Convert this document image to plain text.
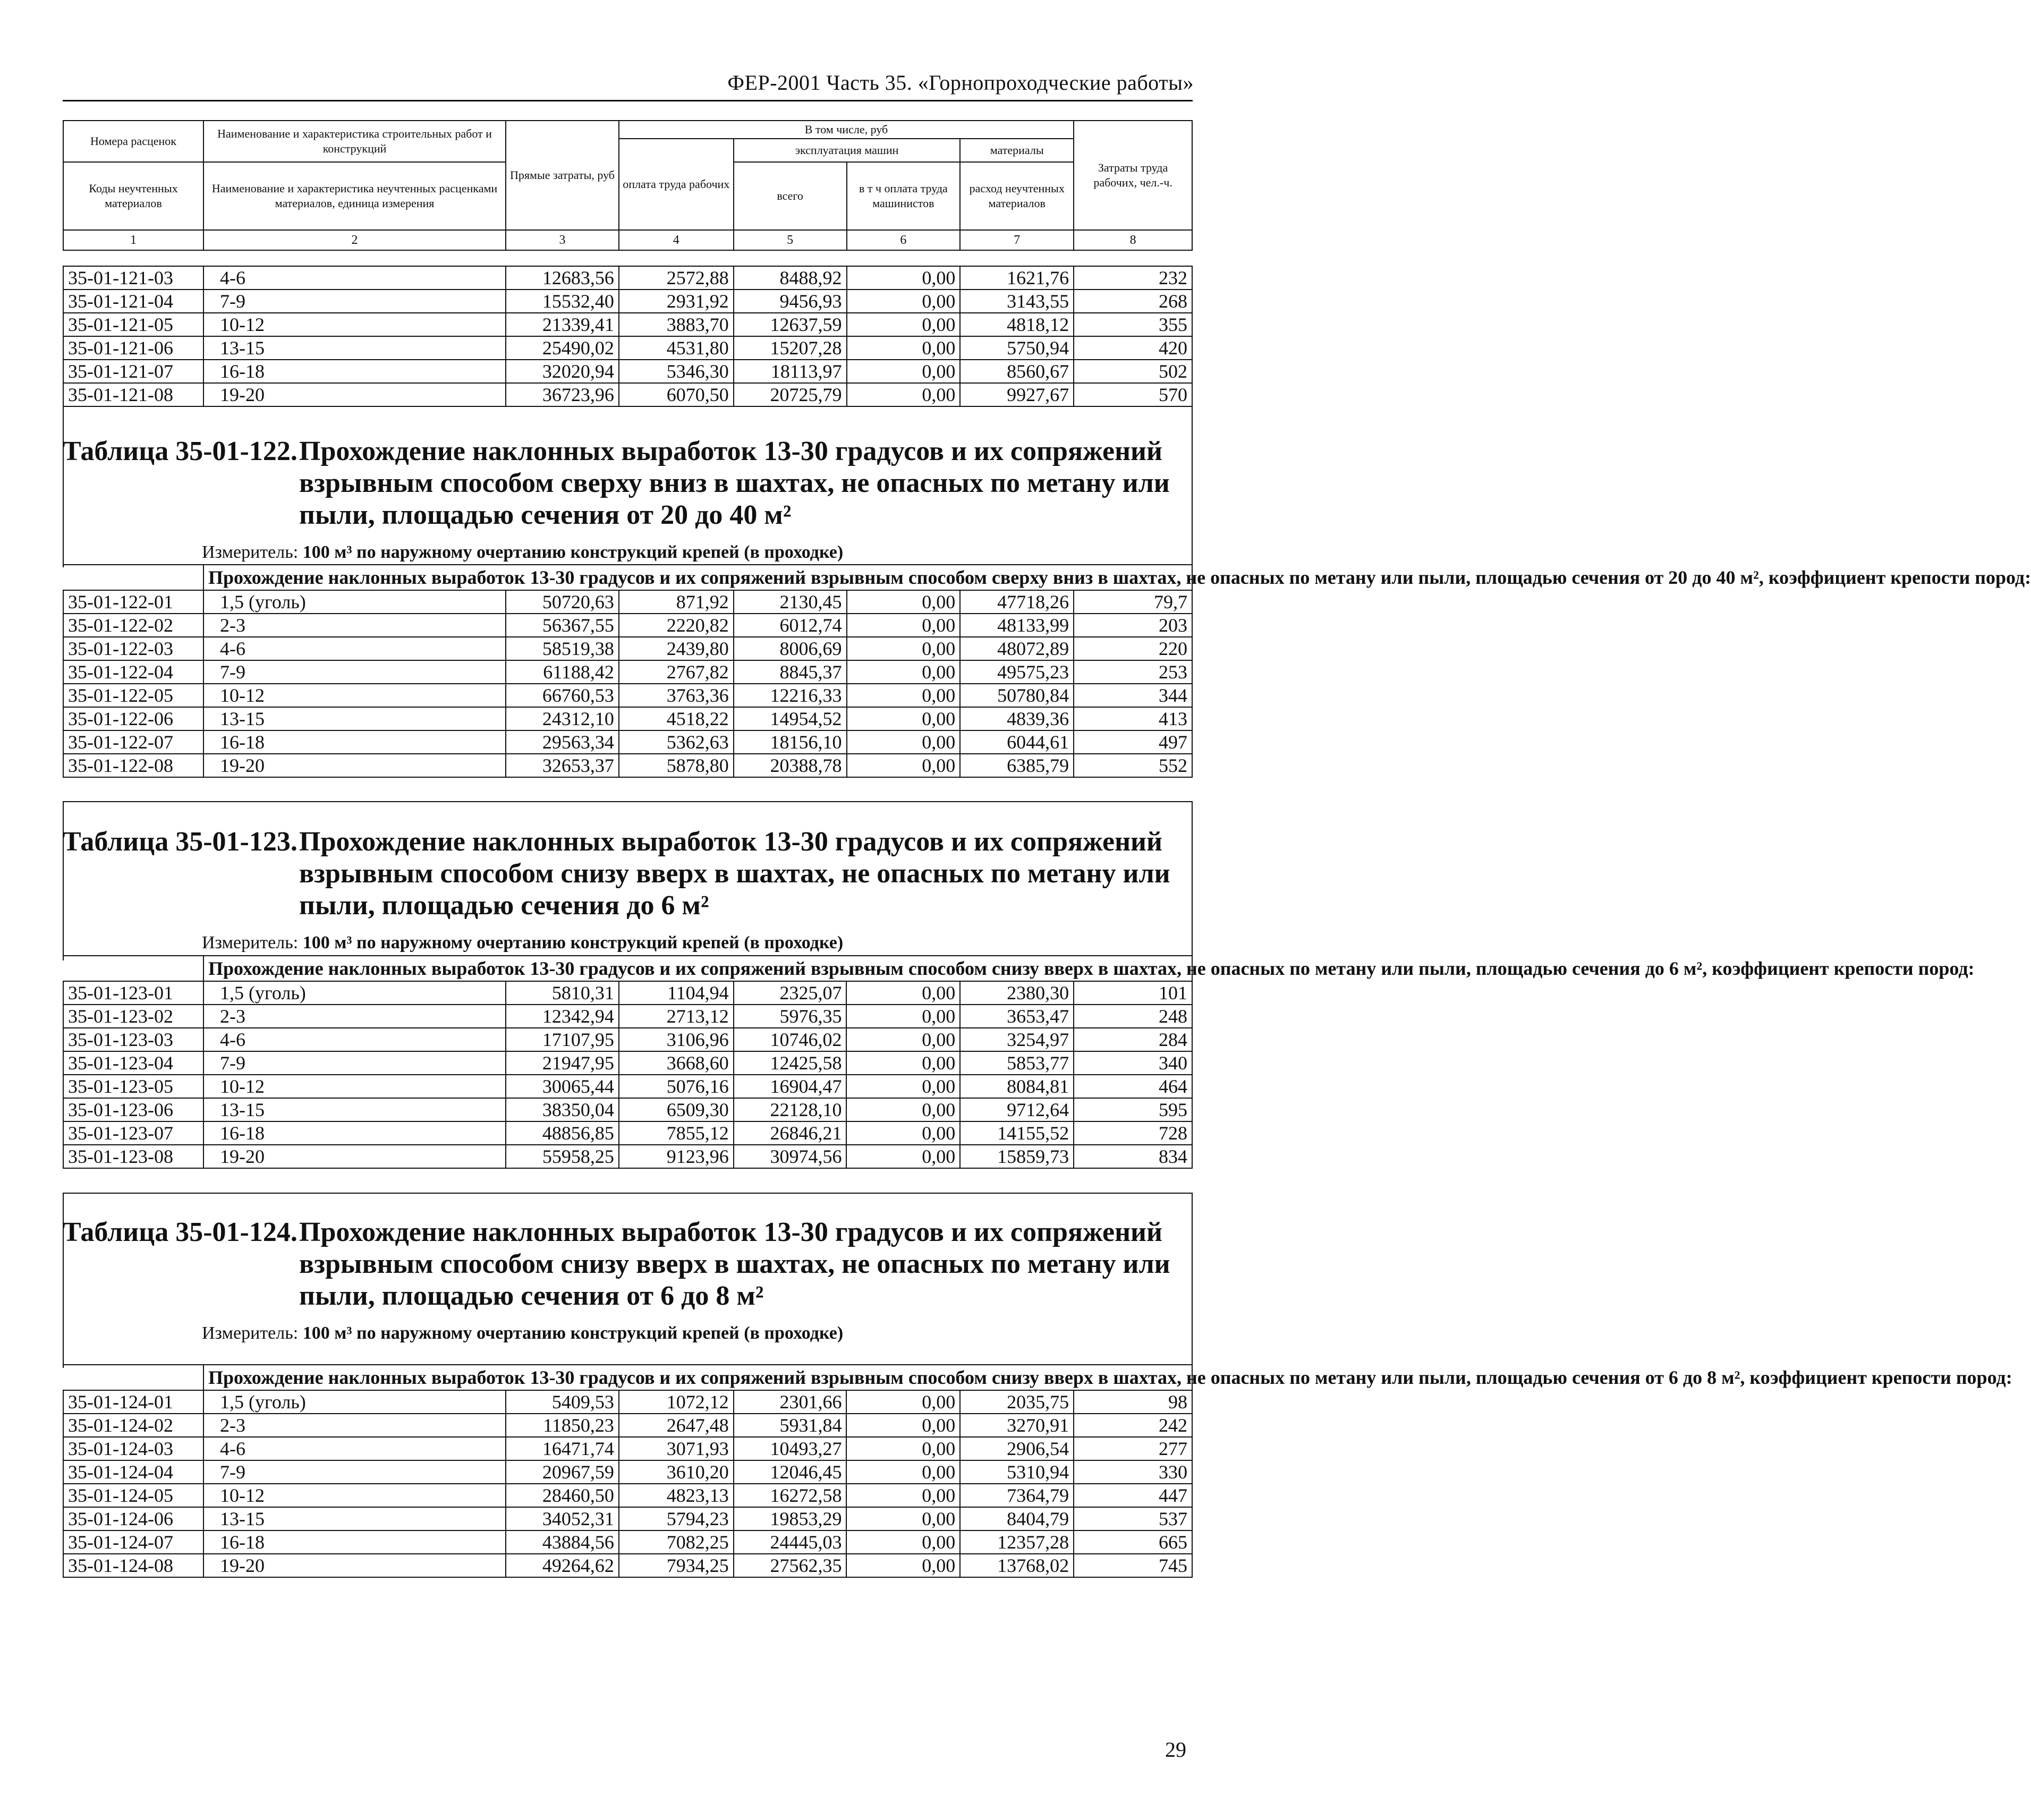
ФЕР-2001 Часть 35. «Горнопроходческие работы»
Номера расценок	Наименование и характеристика строительных работ и конструкций	Прямые затраты, руб	В том числе, руб				Затраты труда рабочих, чел.-ч.
			оплата труда рабочих	эксплуатация машин		материалы	
Коды неучтенных материалов	Наименование и характеристика неучтенных расценками материалов, единица измерения			всего	в т ч оплата труда машинистов	расход неучтенных материалов	

1	2	3	4	5	6	7	8
35-01-121-03	4-6	12683,56	2572,88	8488,92	0,00	1621,76	232
35-01-121-04	7-9	15532,40	2931,92	9456,93	0,00	3143,55	268
35-01-121-05	10-12	21339,41	3883,70	12637,59	0,00	4818,12	355
35-01-121-06	13-15	25490,02	4531,80	15207,28	0,00	5750,94	420
35-01-121-07	16-18	32020,94	5346,30	18113,97	0,00	8560,67	502
35-01-121-08	19-20	36723,96	6070,50	20725,79	0,00	9927,67	570
Таблица 35-01-122. Прохождение наклонных выработок 13-30 градусов и их сопряжений взрывным способом сверху вниз в шахтах, не опасных по метану или пыли, площадью сечения от 20 до 40 м²
Измеритель: 100 м³ по наружному очертанию конструкций крепей (в проходке)
	Прохождение наклонных выработок 13-30 градусов и их сопряжений взрывным способом сверху вниз в шахтах, не опасных по метану или пыли, площадью сечения от 20 до 40 м², коэффициент крепости пород:						
35-01-122-01	1,5 (уголь)	50720,63	871,92	2130,45	0,00	47718,26	79,7
35-01-122-02	2-3	56367,55	2220,82	6012,74	0,00	48133,99	203
35-01-122-03	4-6	58519,38	2439,80	8006,69	0,00	48072,89	220
35-01-122-04	7-9	61188,42	2767,82	8845,37	0,00	49575,23	253
35-01-122-05	10-12	66760,53	3763,36	12216,33	0,00	50780,84	344
35-01-122-06	13-15	24312,10	4518,22	14954,52	0,00	4839,36	413
35-01-122-07	16-18	29563,34	5362,63	18156,10	0,00	6044,61	497
35-01-122-08	19-20	32653,37	5878,80	20388,78	0,00	6385,79	552
Таблица 35-01-123. Прохождение наклонных выработок 13-30 градусов и их сопряжений взрывным способом снизу вверх в шахтах, не опасных по метану или пыли, площадью сечения до 6 м²
Измеритель: 100 м³ по наружному очертанию конструкций крепей (в проходке)
	Прохождение наклонных выработок 13-30 градусов и их сопряжений взрывным способом снизу вверх в шахтах, не опасных по метану или пыли, площадью сечения до 6 м², коэффициент крепости пород:						
35-01-123-01	1,5 (уголь)	5810,31	1104,94	2325,07	0,00	2380,30	101
35-01-123-02	2-3	12342,94	2713,12	5976,35	0,00	3653,47	248
35-01-123-03	4-6	17107,95	3106,96	10746,02	0,00	3254,97	284
35-01-123-04	7-9	21947,95	3668,60	12425,58	0,00	5853,77	340
35-01-123-05	10-12	30065,44	5076,16	16904,47	0,00	8084,81	464
35-01-123-06	13-15	38350,04	6509,30	22128,10	0,00	9712,64	595
35-01-123-07	16-18	48856,85	7855,12	26846,21	0,00	14155,52	728
35-01-123-08	19-20	55958,25	9123,96	30974,56	0,00	15859,73	834
Таблица 35-01-124. Прохождение наклонных выработок 13-30 градусов и их сопряжений взрывным способом снизу вверх в шахтах, не опасных по метану или пыли, площадью сечения от 6 до 8 м²
Измеритель: 100 м³ по наружному очертанию конструкций крепей (в проходке)
	Прохождение наклонных выработок 13-30 градусов и их сопряжений взрывным способом снизу вверх в шахтах, не опасных по метану или пыли, площадью сечения от 6 до 8 м², коэффициент крепости пород:						
35-01-124-01	1,5 (уголь)	5409,53	1072,12	2301,66	0,00	2035,75	98
35-01-124-02	2-3	11850,23	2647,48	5931,84	0,00	3270,91	242
35-01-124-03	4-6	16471,74	3071,93	10493,27	0,00	2906,54	277
35-01-124-04	7-9	20967,59	3610,20	12046,45	0,00	5310,94	330
35-01-124-05	10-12	28460,50	4823,13	16272,58	0,00	7364,79	447
35-01-124-06	13-15	34052,31	5794,23	19853,29	0,00	8404,79	537
35-01-124-07	16-18	43884,56	7082,25	24445,03	0,00	12357,28	665
35-01-124-08	19-20	49264,62	7934,25	27562,35	0,00	13768,02	745
29
